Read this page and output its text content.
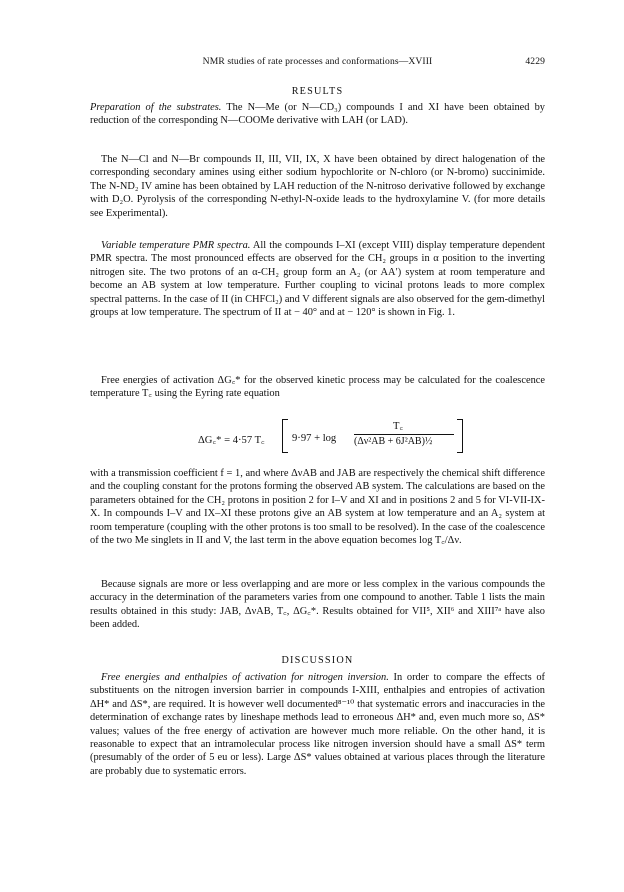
NMR studies of rate processes and conformations—XVIII	4229
RESULTS

Preparation of the substrates. The N—Me (or N—CD₃) compounds I and XI have been obtained by reduction of the corresponding N—COOMe derivative with LAH (or LAD).

The N—Cl and N—Br compounds II, III, VII, IX, X have been obtained by direct halogenation of the corresponding secondary amines using either sodium hypochlorite or N-chloro (or N-bromo) succinimide. The N-ND₂ IV amine has been obtained by LAH reduction of the N-nitroso derivative followed by exchange with D₂O. Pyrolysis of the corresponding N-ethyl-N-oxide leads to the hydroxylamine V. (for more details see Experimental).

Variable temperature PMR spectra. All the compounds I–XI (except VIII) display temperature dependent PMR spectra. The most pronounced effects are observed for the CH₂ groups in α position to the inverting nitrogen site. The two protons of an α-CH₂ group form an A₂ (or AA′) system at room temperature and become an AB system at low temperature. Further coupling to vicinal protons leads to more complex spectral patterns. In the case of II (in CHFCl₂) and V different signals are also observed for the gem-dimethyl groups at low temperature. The spectrum of II at − 40° and at − 120° is shown in Fig. 1.

Free energies of activation ΔG꜀* for the observed kinetic process may be calculated for the coalescence temperature T꜀ using the Eyring rate equation

ΔG꜀* = 4·57 T꜀	9·97 + log
T꜀
(Δν²AB + 6J²AB)½

with a transmission coefficient f = 1, and where ΔνAB and JAB are respectively the chemical shift difference and the coupling constant for the protons forming the observed AB system. The calculations are based on the parameters obtained for the CH₂ protons in position 2 for I–V and XI and in positions 2 and 5 for VI-VII-IX-X. In compounds I–V and IX–XI these protons give an AB system at low temperature and an A₂ system at room temperature (coupling with the other protons is too small to be resolved). In the case of the coalescence of the two Me singlets in II and V, the last term in the above equation becomes log T꜀/Δν.

Because signals are more or less overlapping and are more or less complex in the various compounds the accuracy in the determination of the parameters varies from one compound to another. Table 1 lists the main results obtained in this study: JAB, ΔνAB, T꜀, ΔG꜀*. Results obtained for VII⁵, XII⁶ and XIII⁷ᵃ have also been added.

DISCUSSION

Free energies and enthalpies of activation for nitrogen inversion. In order to compare the effects of substituents on the nitrogen inversion barrier in compounds I-XIII, enthalpies and entropies of activation ΔH* and ΔS*, are required. It is however well documented⁸⁻¹⁰ that systematic errors and inaccuracies in the determination of exchange rates by lineshape methods lead to erroneous ΔH* and, even much more so, ΔS* values; values of the free energy of activation are however much more reliable. On the other hand, it is reasonable to expect that an intramolecular process like nitrogen inversion should have a small ΔS* term (presumably of the order of 5 eu or less). Large ΔS* values obtained at various places through the literature are probably due to systematic errors.
